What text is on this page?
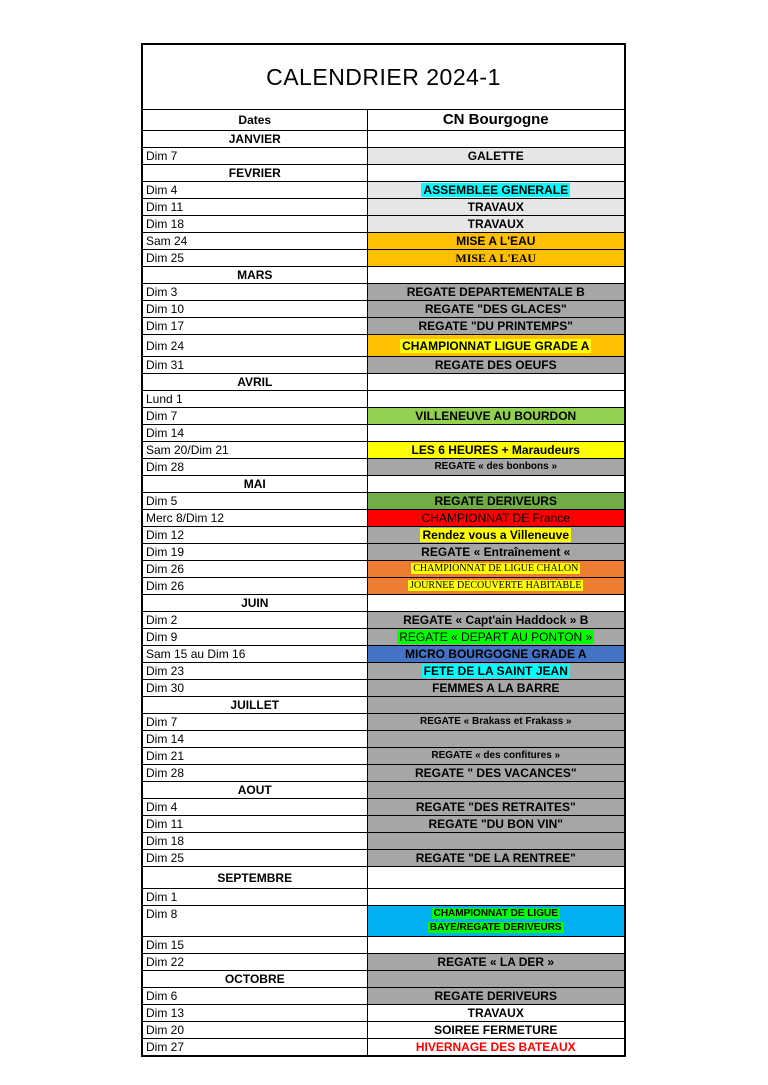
CALENDRIER 2024-1
Dates	CN Bourgogne
JANVIER	
Dim 7	GALETTE
FEVRIER	
Dim 4	ASSEMBLEE GENERALE
Dim 11	TRAVAUX
Dim 18	TRAVAUX
Sam 24	MISE A L'EAU
Dim 25	MISE A L'EAU
MARS	
Dim 3	REGATE DEPARTEMENTALE B
Dim 10	REGATE "DES GLACES"
Dim 17	REGATE "DU PRINTEMPS"
Dim 24	CHAMPIONNAT LIGUE GRADE A
Dim 31	REGATE DES OEUFS
AVRIL	
Lund 1	
Dim 7	VILLENEUVE AU BOURDON
Dim 14	
Sam 20/Dim 21	LES 6 HEURES + Maraudeurs
Dim 28	REGATE « des bonbons »
MAI	
Dim 5	REGATE DERIVEURS
Merc 8/Dim 12	CHAMPIONNAT DE France
Dim 12	Rendez vous a Villeneuve
Dim 19	REGATE « Entraînement «
Dim 26	CHAMPIONNAT DE LIGUE CHALON
Dim 26	JOURNEE DECOUVERTE HABITABLE
JUIN	
Dim 2	REGATE « Capt'ain Haddock » B
Dim 9	REGATE « DEPART AU PONTON »
Sam 15 au Dim 16	MICRO BOURGOGNE GRADE A
Dim 23	FETE DE LA SAINT JEAN
Dim 30	FEMMES A LA BARRE
JUILLET	
Dim 7	REGATE « Brakass et Frakass »
Dim 14	
Dim 21	REGATE « des confitures »
Dim 28	REGATE " DES VACANCES"
AOUT	
Dim 4	REGATE "DES RETRAITES"
Dim 11	REGATE "DU BON VIN"
Dim 18	
Dim 25	REGATE "DE LA RENTREE"
SEPTEMBRE	
Dim 1	
Dim 8	CHAMPIONNAT DE LIGUE
BAYE/REGATE DERIVEURS
Dim 15	
Dim 22	REGATE « LA DER »
OCTOBRE	
Dim 6	REGATE DERIVEURS
Dim 13	TRAVAUX
Dim 20	SOIREE FERMETURE
Dim 27	HIVERNAGE DES BATEAUX
